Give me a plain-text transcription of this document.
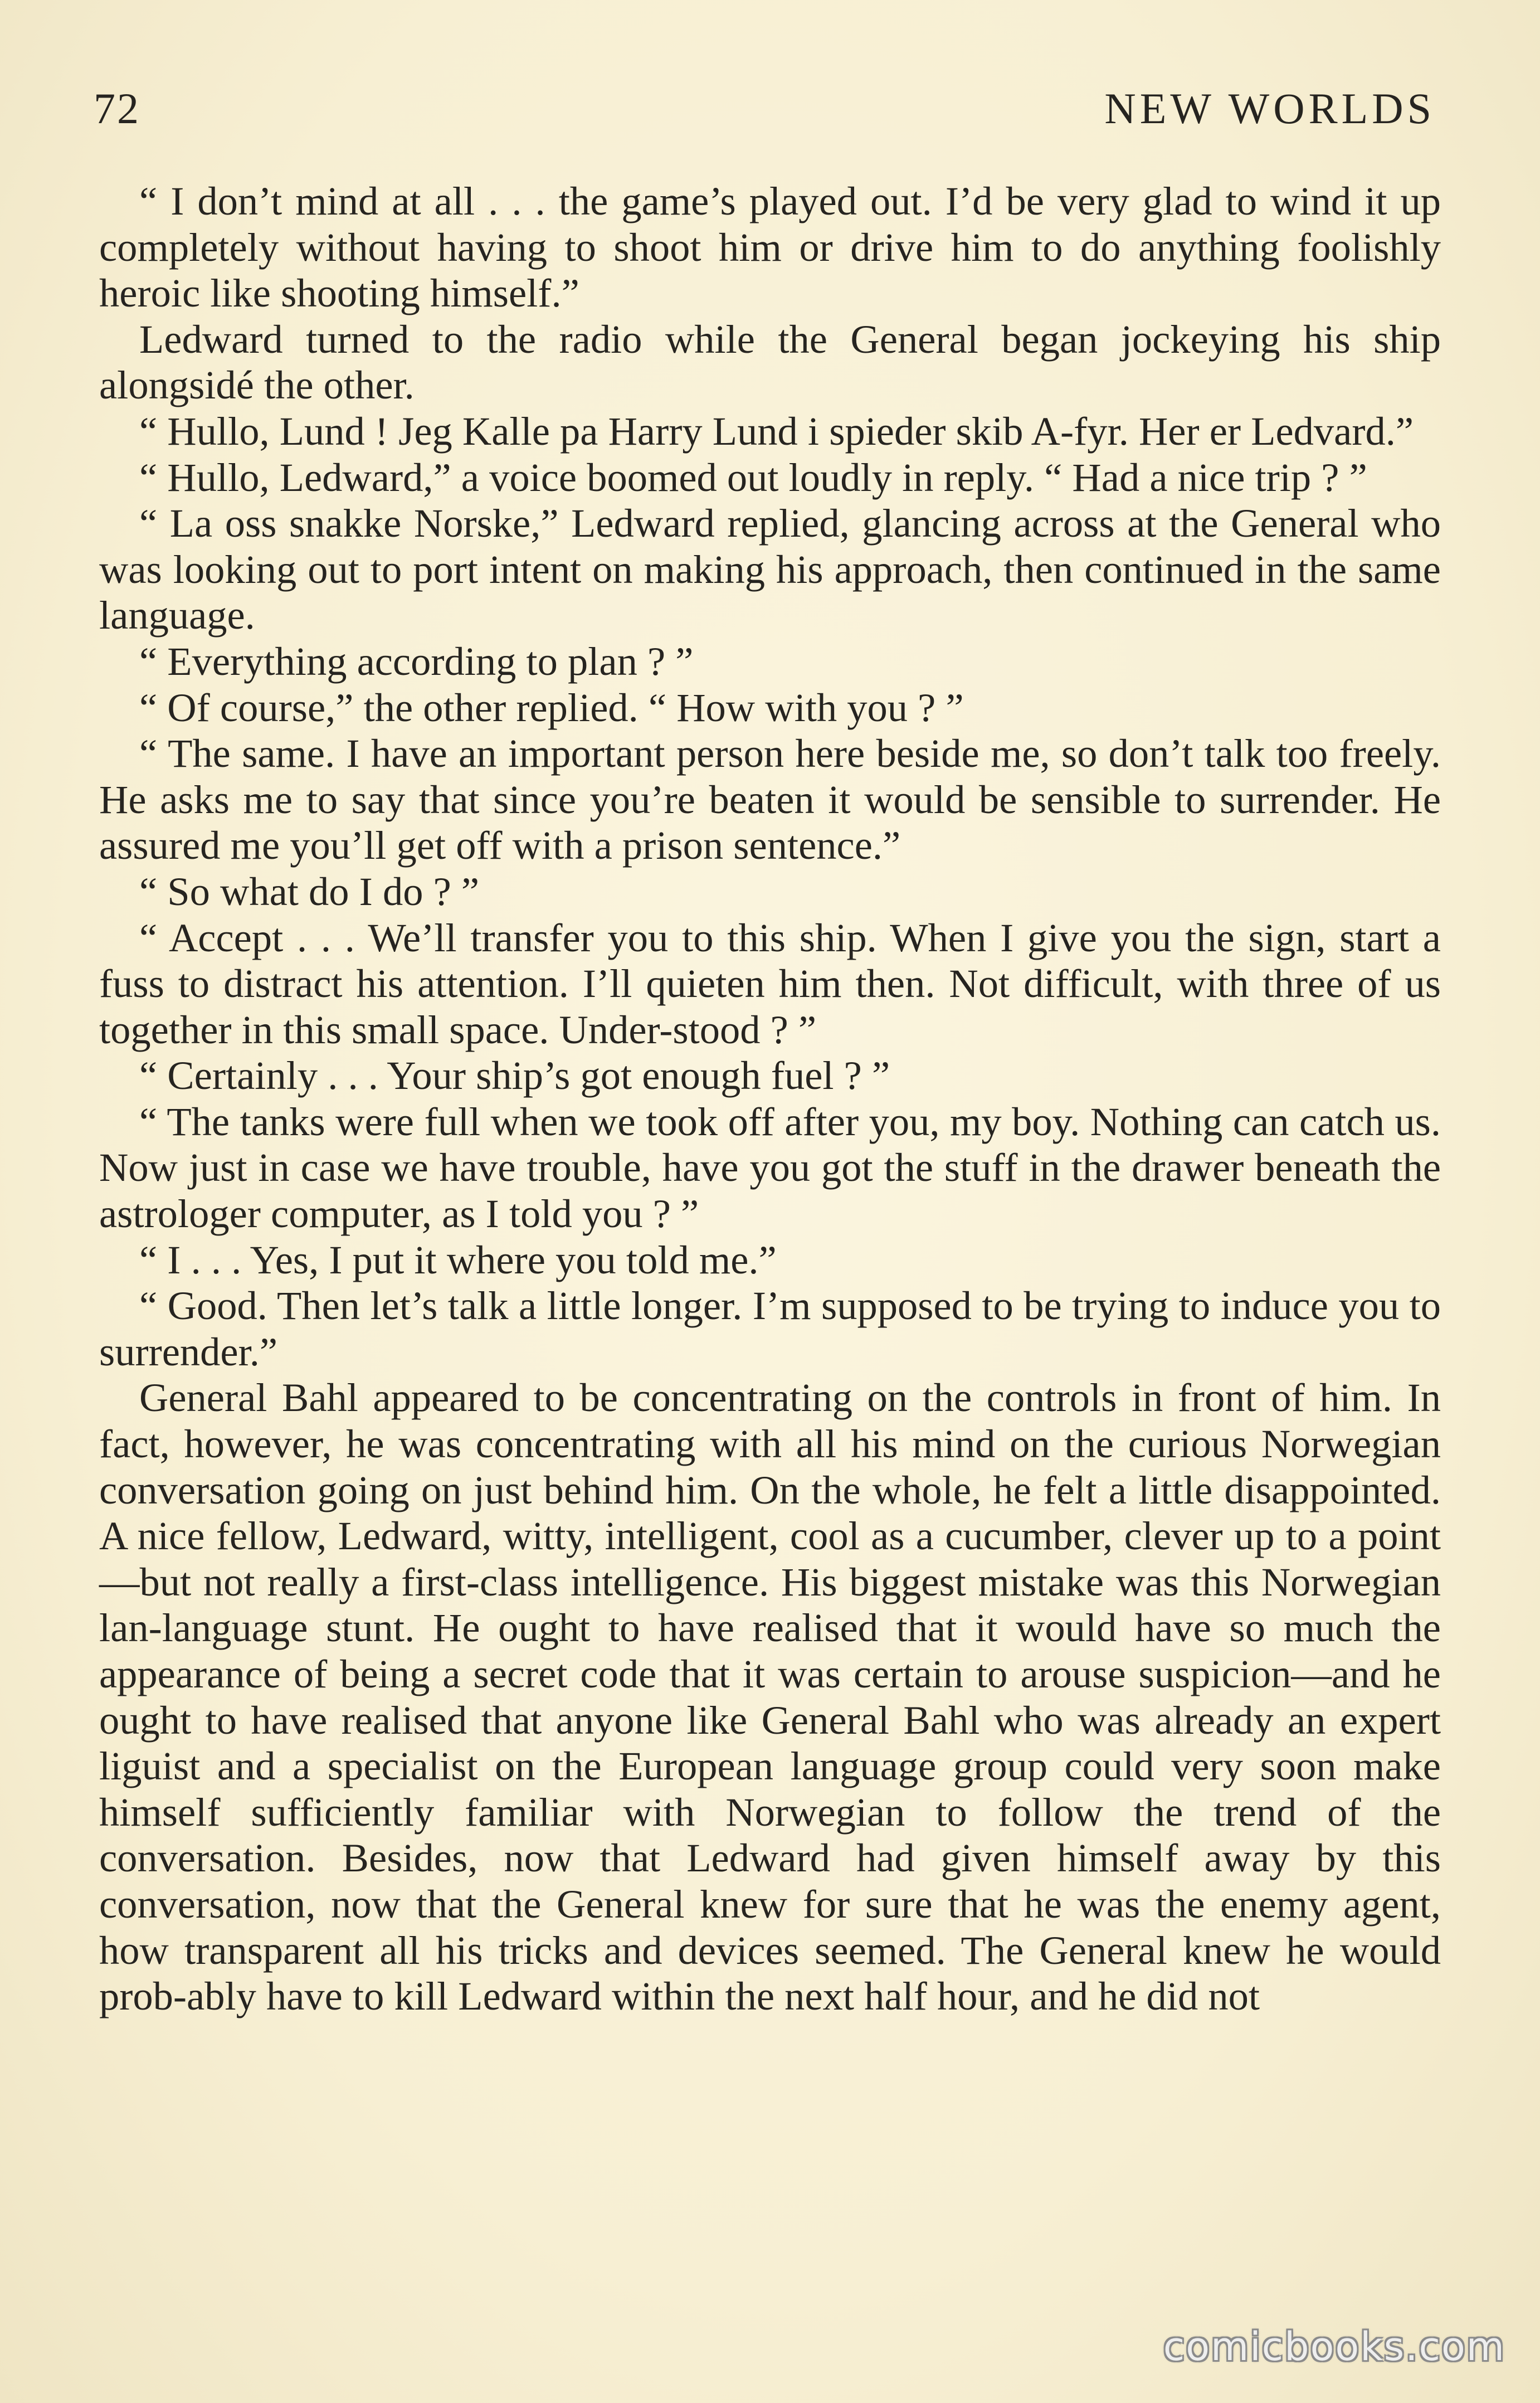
72	NEW WORLDS

“ I don’t mind at all . . . the game’s played out. I’d be very glad to wind it up completely without having to shoot him or drive him to do anything foolishly heroic like shooting himself.”

Ledward turned to the radio while the General began jockeying his ship alongsidé the other.

“ Hullo, Lund ! Jeg Kalle pa Harry Lund i spieder skib A-fyr. Her er Ledvard.”

“ Hullo, Ledward,” a voice boomed out loudly in reply. “ Had a nice trip ? ”

“ La oss snakke Norske,” Ledward replied, glancing across at the General who was looking out to port intent on making his approach, then continued in the same language.

“ Everything according to plan ? ”

“ Of course,” the other replied. “ How with you ? ”

“ The same. I have an important person here beside me, so don’t talk too freely. He asks me to say that since you’re beaten it would be sensible to surrender. He assured me you’ll get off with a prison sentence.”

“ So what do I do ? ”

“ Accept . . . We’ll transfer you to this ship. When I give you the sign, start a fuss to distract his attention. I’ll quieten him then. Not difficult, with three of us together in this small space. Under-stood ? ”

“ Certainly . . . Your ship’s got enough fuel ? ”

“ The tanks were full when we took off after you, my boy. Nothing can catch us. Now just in case we have trouble, have you got the stuff in the drawer beneath the astrologer computer, as I told you ? ”

“ I . . . Yes, I put it where you told me.”

“ Good. Then let’s talk a little longer. I’m supposed to be trying to induce you to surrender.”

General Bahl appeared to be concentrating on the controls in front of him. In fact, however, he was concentrating with all his mind on the curious Norwegian conversation going on just behind him. On the whole, he felt a little disappointed. A nice fellow, Ledward, witty, intelligent, cool as a cucumber, clever up to a point—but not really a first-class intelligence. His biggest mistake was this Norwegian lan-language stunt. He ought to have realised that it would have so much the appearance of being a secret code that it was certain to arouse suspicion—and he ought to have realised that anyone like General Bahl who was already an expert liguist and a specialist on the European language group could very soon make himself sufficiently familiar with Norwegian to follow the trend of the conversation. Besides, now that Ledward had given himself away by this conversation, now that the General knew for sure that he was the enemy agent, how transparent all his tricks and devices seemed. The General knew he would prob-ably have to kill Ledward within the next half hour, and he did not

comicbooks.com
